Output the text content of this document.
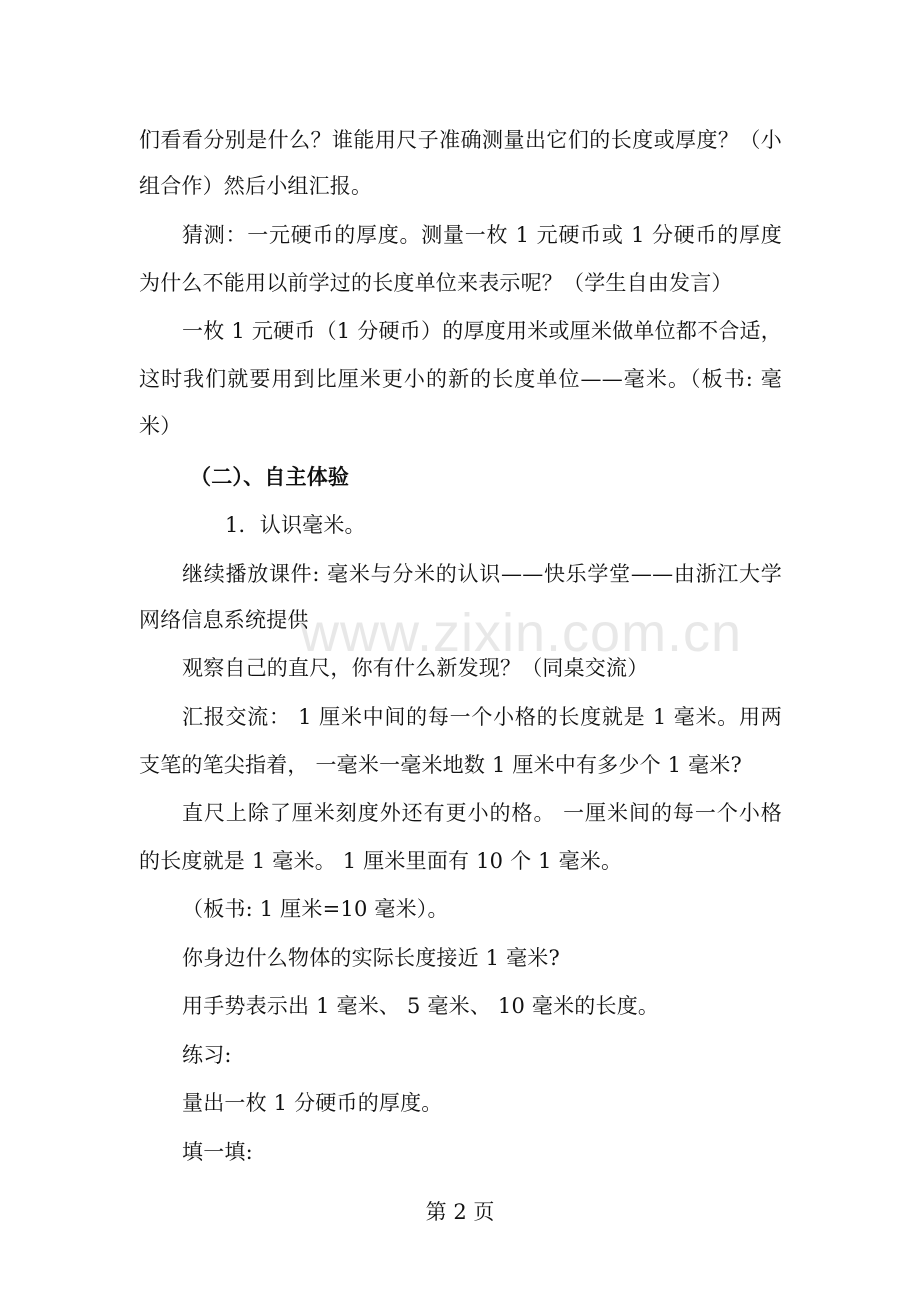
们看看分别是什么？谁能用尺子准确测量出它们的长度或厚度？（小
组合作）然后小组汇报。
猜测：一元硬币的厚度。测量一枚 1 元硬币或 1 分硬币的厚度
为什么不能用以前学过的长度单位来表示呢？（学生自由发言）
一枚 1 元硬币（1 分硬币）的厚度用米或厘米做单位都不合适，
这时我们就要用到比厘米更小的新的长度单位——毫米。（板书: 毫
米）
（二）、自主体验
1．认识毫米。
继续播放课件: 毫米与分米的认识——快乐学堂——由浙江大学
网络信息系统提供
观察自己的直尺，你有什么新发现？（同桌交流）
汇报交流： 1 厘米中间的每一个小格的长度就是 1 毫米。用两
支笔的笔尖指着， 一毫米一毫米地数 1 厘米中有多少个 1 毫米?
直尺上除了厘米刻度外还有更小的格。 一厘米间的每一个小格
的长度就是 1 毫米。 1 厘米里面有 10 个 1 毫米。
（板书: 1 厘米=10 毫米）。
你身边什么物体的实际长度接近 1 毫米?
用手势表示出 1 毫米、 5 毫米、 10 毫米的长度。
练习:
量出一枚 1 分硬币的厚度。
填一填:
第 2 页
www.zixin.com.cn
